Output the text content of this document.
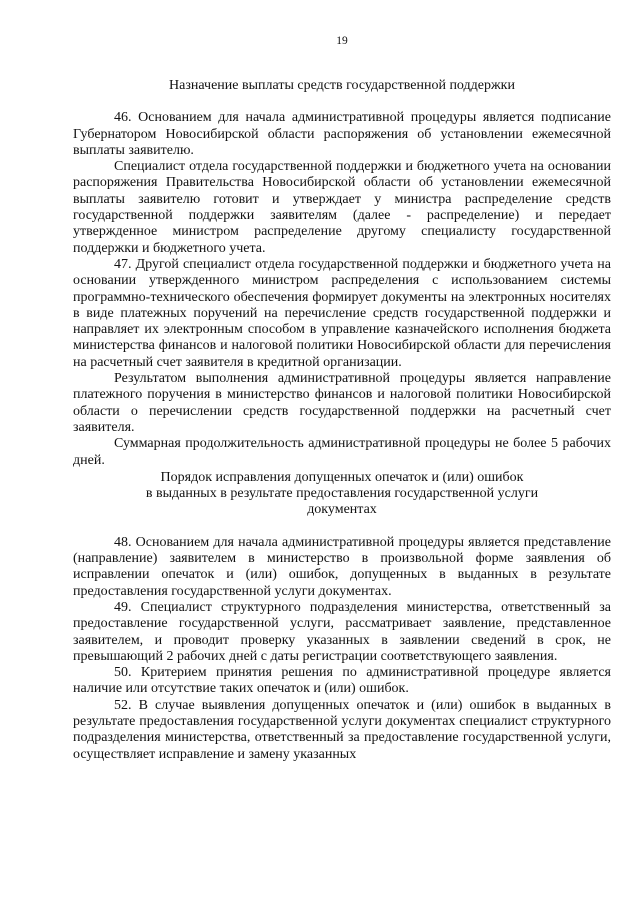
19
Назначение выплаты средств государственной поддержки

46. Основанием для начала административной процедуры является подписание Губернатором Новосибирской области распоряжения об установлении ежемесячной выплаты заявителю.

Специалист отдела государственной поддержки и бюджетного учета на основании распоряжения Правительства Новосибирской области об установлении ежемесячной выплаты заявителю готовит и утверждает у министра распределение средств государственной поддержки заявителям (далее - распределение) и передает утвержденное министром распределение другому специалисту государственной поддержки и бюджетного учета.

47. Другой специалист отдела государственной поддержки и бюджетного учета на основании утвержденного министром распределения с использованием системы программно-технического обеспечения формирует документы на электронных носителях в виде платежных поручений на перечисление средств государственной поддержки и направляет их электронным способом в управление казначейского исполнения бюджета министерства финансов и налоговой политики Новосибирской области для перечисления на расчетный счет заявителя в кредитной организации.

Результатом выполнения административной процедуры является направление платежного поручения в министерство финансов и налоговой политики Новосибирской области о перечислении средств государственной поддержки на расчетный счет заявителя.

Суммарная продолжительность административной процедуры не более 5 рабочих дней.

Порядок исправления допущенных опечаток и (или) ошибок
в выданных в результате предоставления государственной услуги
документах

48. Основанием для начала административной процедуры является представление (направление) заявителем в министерство в произвольной форме заявления об исправлении опечаток и (или) ошибок, допущенных в выданных в результате предоставления государственной услуги документах.

49. Специалист структурного подразделения министерства, ответственный за предоставление государственной услуги, рассматривает заявление, представленное заявителем, и проводит проверку указанных в заявлении сведений в срок, не превышающий 2 рабочих дней с даты регистрации соответствующего заявления.

50. Критерием принятия решения по административной процедуре является наличие или отсутствие таких опечаток и (или) ошибок.

52. В случае выявления допущенных опечаток и (или) ошибок в выданных в результате предоставления государственной услуги документах специалист структурного подразделения министерства, ответственный за предоставление государственной услуги, осуществляет исправление и замену указанных
